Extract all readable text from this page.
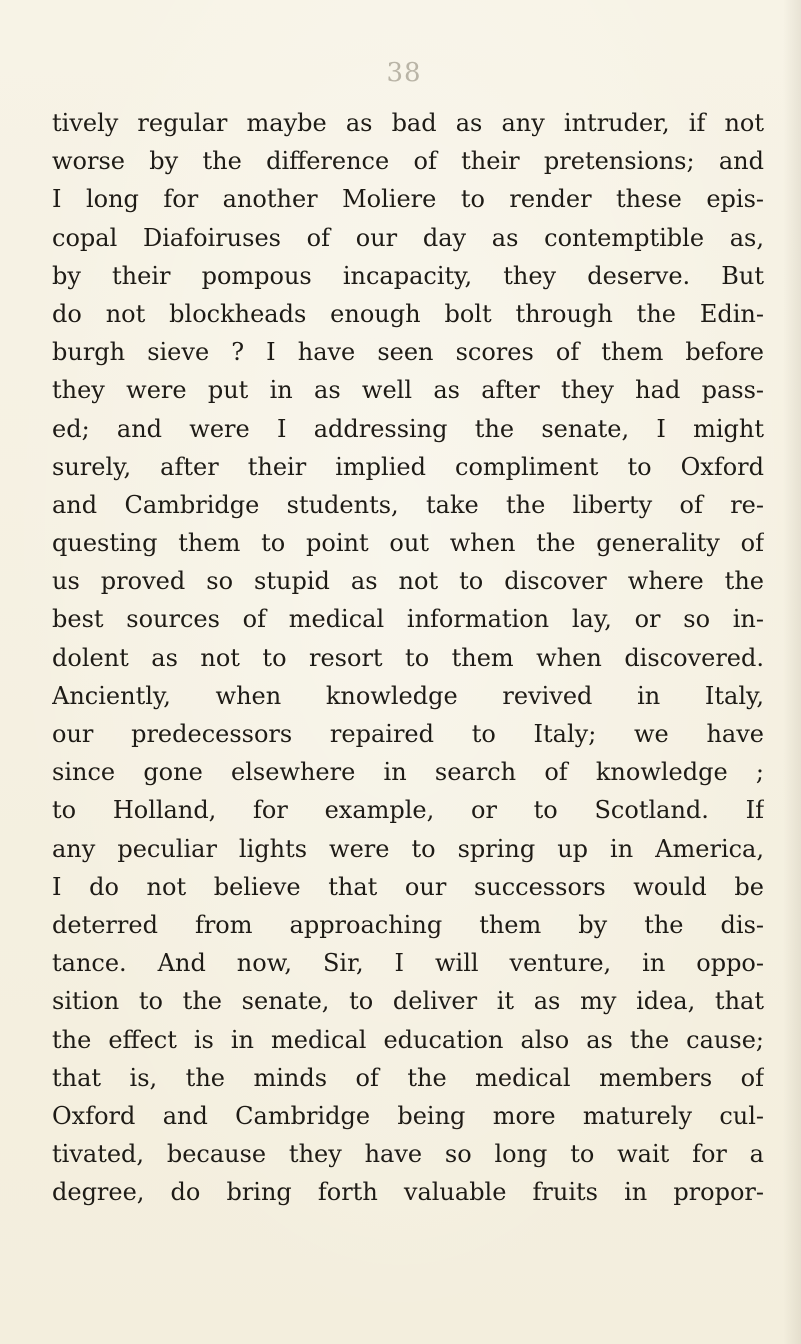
38
tively regular maybe as bad as any intruder, if not
worse by the difference of their pretensions; and
I long for another Moliere to render these epis-
copal Diafoiruses of our day as contemptible as,
by their pompous incapacity, they deserve. But
do not blockheads enough bolt through the Edin-
burgh sieve ? I have seen scores of them before
they were put in as well as after they had pass-
ed; and were I addressing the senate, I might
surely, after their implied compliment to Oxford
and Cambridge students, take the liberty of re-
questing them to point out when the generality of
us proved so stupid as not to discover where the
best sources of medical information lay, or so in-
dolent as not to resort to them when discovered.
Anciently, when knowledge revived in Italy,
our predecessors repaired to Italy; we have
since gone elsewhere in search of knowledge ;
to Holland, for example, or to Scotland. If
any peculiar lights were to spring up in America,
I do not believe that our successors would be
deterred from approaching them by the dis-
tance. And now, Sir, I will venture, in oppo-
sition to the senate, to deliver it as my idea, that
the effect is in medical education also as the cause;
that is, the minds of the medical members of
Oxford and Cambridge being more maturely cul-
tivated, because they have so long to wait for a
degree, do bring forth valuable fruits in propor-
